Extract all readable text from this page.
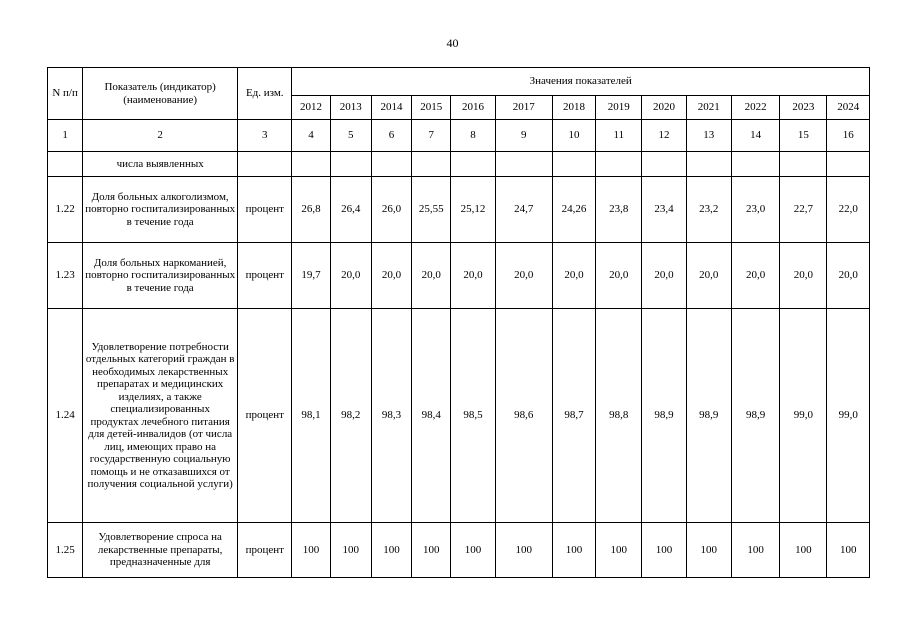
40
N п/п	Показатель (индикатор) (наименование)	Ед. изм.	Значения показателей												
			2012	2013	2014	2015	2016	2017	2018	2019	2020	2021	2022	2023	2024
1	2	3	4	5	6	7	8	9	10	11	12	13	14	15	16
	числа выявленных														
1.22	Доля больных алкоголизмом, повторно госпитализированных в течение года	процент	26,8	26,4	26,0	25,55	25,12	24,7	24,26	23,8	23,4	23,2	23,0	22,7	22,0
1.23	Доля больных наркоманией, повторно госпитализированных в течение года	процент	19,7	20,0	20,0	20,0	20,0	20,0	20,0	20,0	20,0	20,0	20,0	20,0	20,0
1.24	Удовлетворение потребности отдельных категорий граждан в необходимых лекарственных препаратах и медицинских изделиях, а также специализированных продуктах лечебного питания для детей-инвалидов (от числа лиц, имеющих право на государственную социальную помощь и не отказавшихся от получения социальной услуги)	процент	98,1	98,2	98,3	98,4	98,5	98,6	98,7	98,8	98,9	98,9	98,9	99,0	99,0
1.25	Удовлетворение спроса на лекарственные препараты, предназначенные для	процент	100	100	100	100	100	100	100	100	100	100	100	100	100
